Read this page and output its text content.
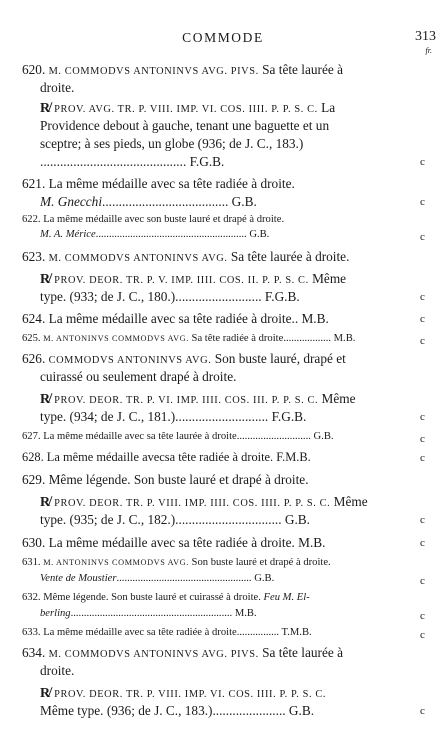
COMMODE	313
fr.
620. M. COMMODVS ANTONINVS AVG. PIVS. Sa tête laurée à
droite.
R̸ PROV. AVG. TR. P. VIII. IMP. VI. COS. IIII. P. P. S. C. La
Providence debout à gauche, tenant une baguette et un
sceptre; à ses pieds, un globe (936; de J. C., 183.)
............................................ F.G.B.
621. La même médaille avec sa tête radiée à droite.
M. Gnecchi...................................... G.B.
622. La même médaille avec son buste lauré et drapé à droite.
M. A. Mérice......................................................... G.B.
623. M. COMMODVS ANTONINVS AVG. Sa tête laurée à droite.
R̸ PROV. DEOR. TR. P. V. IMP. IIII. COS. II. P. P. S. C. Même
type. (933; de J. C., 180.).......................... F.G.B.
624. La même médaille avec sa tête radiée à droite.. M.B.
625. M. ANTONINVS COMMODVS AVG. Sa tête radiée à droite.................. M.B.
626. COMMODVS ANTONINVS AVG. Son buste lauré, drapé et
cuirassé ou seulement drapé à droite.
R̸ PROV. DEOR. TR. P. VI. IMP. IIII. COS. III. P. P. S. C. Même
type. (934; de J. C., 181.)............................ F.G.B.
627. La même médaille avec sa tête laurée à droite............................ G.B.
628. La même médaille avecsa tête radiée à droite. F.M.B.
629. Même légende. Son buste lauré et drapé à droite.
R̸ PROV. DEOR. TR. P. VIII. IMP. IIII. COS. IIII. P. P. S. C. Même
type. (935; de J. C., 182.)................................ G.B.
630. La même médaille avec sa tête radiée à droite. M.B.
631. M. ANTONINVS COMMODVS AVG. Son buste lauré et drapé à droite.
Vente de Moustier................................................... G.B.
632. Même légende. Son buste lauré et cuirassé à droite. Feu M. El-
berling............................................................. M.B.
633. La même médaille avec sa tête radiée à droite................ T.M.B.
634. M. COMMODVS ANTONINVS AVG. PIVS. Sa tête laurée à
droite.
R̸ PROV. DEOR. TR. P. VIII. IMP. VI. COS. IIII. P. P. S. C.
Même type. (936; de J. C., 183.)...................... G.B.
c
c
c
c
c
c
c
c
c
c
c
c
c
c
c
